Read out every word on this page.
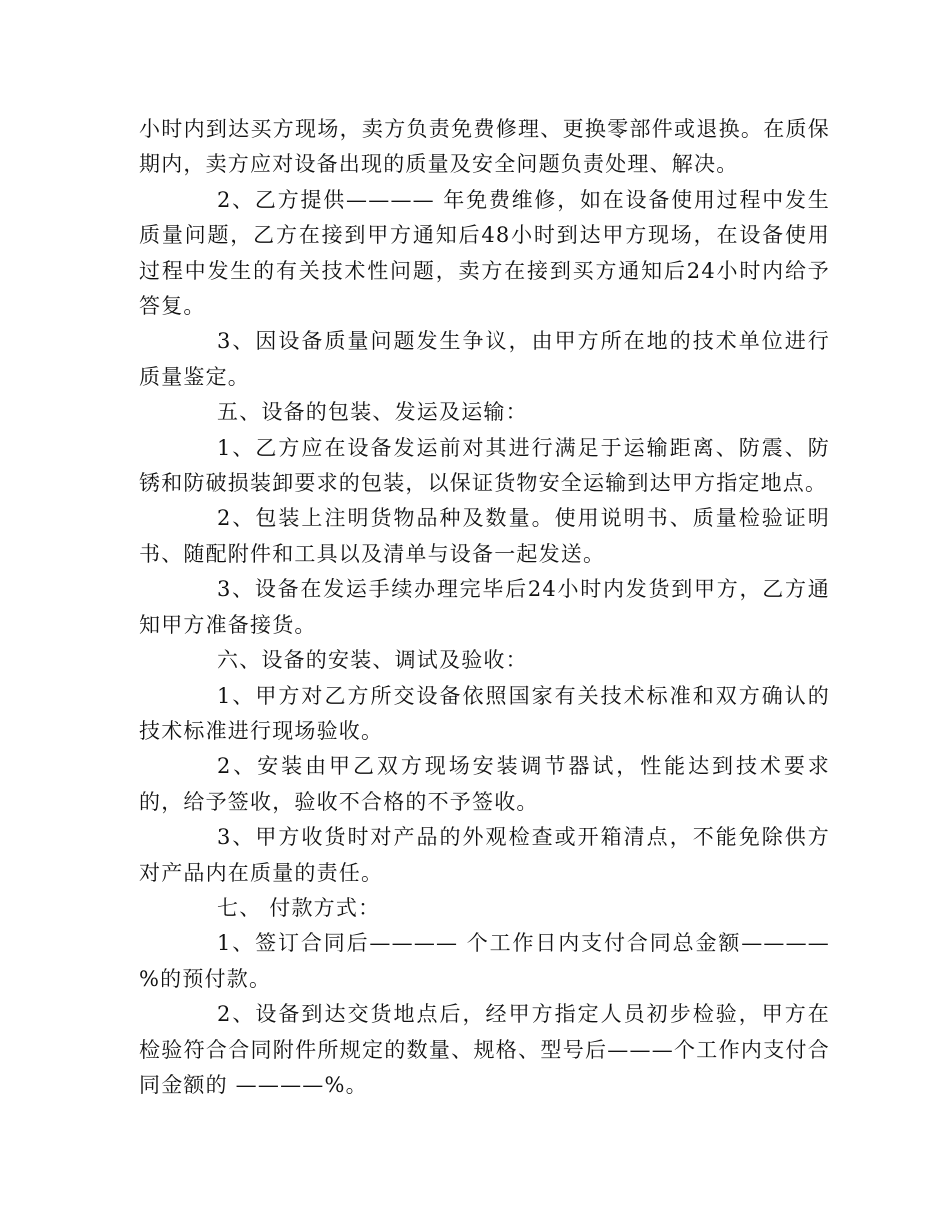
小时内到达买方现场，卖方负责免费修理、更换零部件或退换。在质保期内，卖方应对设备出现的质量及安全问题负责处理、解决。

2、乙方提供———— 年免费维修，如在设备使用过程中发生质量问题，乙方在接到甲方通知后48小时到达甲方现场，在设备使用过程中发生的有关技术性问题，卖方在接到买方通知后24小时内给予答复。

3、因设备质量问题发生争议，由甲方所在地的技术单位进行质量鉴定。

五、设备的包装、发运及运输：

1、乙方应在设备发运前对其进行满足于运输距离、防震、防锈和防破损装卸要求的包装，以保证货物安全运输到达甲方指定地点。

2、包装上注明货物品种及数量。使用说明书、质量检验证明书、随配附件和工具以及清单与设备一起发送。

3、设备在发运手续办理完毕后24小时内发货到甲方，乙方通知甲方准备接货。

六、设备的安装、调试及验收：

1、甲方对乙方所交设备依照国家有关技术标准和双方确认的技术标准进行现场验收。

2、安装由甲乙双方现场安装调节器试，性能达到技术要求的，给予签收，验收不合格的不予签收。

3、甲方收货时对产品的外观检查或开箱清点，不能免除供方对产品内在质量的责任。

七、 付款方式：

1、签订合同后———— 个工作日内支付合同总金额————%的预付款。

2、设备到达交货地点后，经甲方指定人员初步检验，甲方在检验符合合同附件所规定的数量、规格、型号后———个工作内支付合同金额的 ————%。
